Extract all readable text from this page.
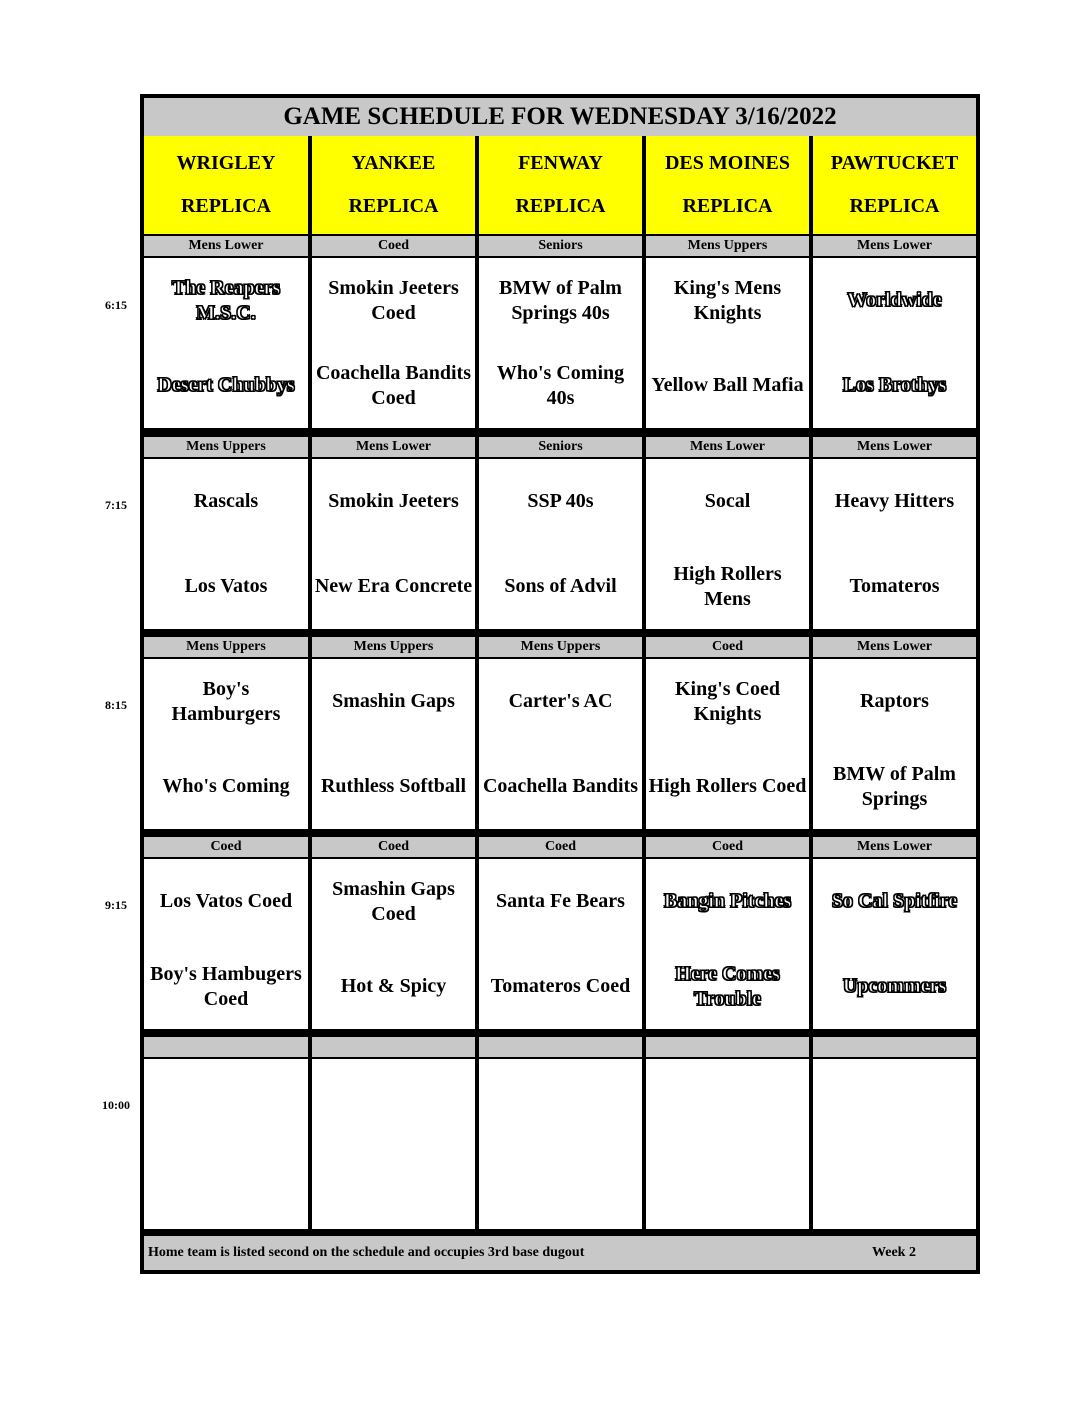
GAME SCHEDULE FOR WEDNESDAY 3/16/2022
WRIGLEY
REPLICA
YANKEE
REPLICA
FENWAY
REPLICA
DES MOINES
REPLICA
PAWTUCKET
REPLICA
Home team is listed second on the schedule and occupies 3rd base dugout	Week 2
Mens Lower
The Reapers M.S.C.
Desert Chubbys
Coed
Smokin Jeeters Coed
Coachella Bandits Coed
Seniors
BMW of Palm Springs 40s
Who's Coming 40s
Mens Uppers
King's Mens Knights
Yellow Ball Mafia
Mens Lower
Worldwide
Los Brothys
Mens Uppers
Rascals
Los Vatos
Mens Lower
Smokin Jeeters
New Era Concrete
Seniors
SSP 40s
Sons of Advil
Mens Lower
Socal
High Rollers Mens
Mens Lower
Heavy Hitters
Tomateros
Mens Uppers
Boy's Hamburgers
Who's Coming
Mens Uppers
Smashin Gaps
Ruthless Softball
Mens Uppers
Carter's AC
Coachella Bandits
Coed
King's Coed Knights
High Rollers Coed
Mens Lower
Raptors
BMW of Palm Springs
Coed
Los Vatos Coed
Boy's Hambugers Coed
Coed
Smashin Gaps Coed
Hot & Spicy
Coed
Santa Fe Bears
Tomateros Coed
Coed
Bangin Pitches
Here Comes Trouble
Mens Lower
So Cal Spitfire
Upcommers
6:15
7:15
8:15
9:15
10:00
